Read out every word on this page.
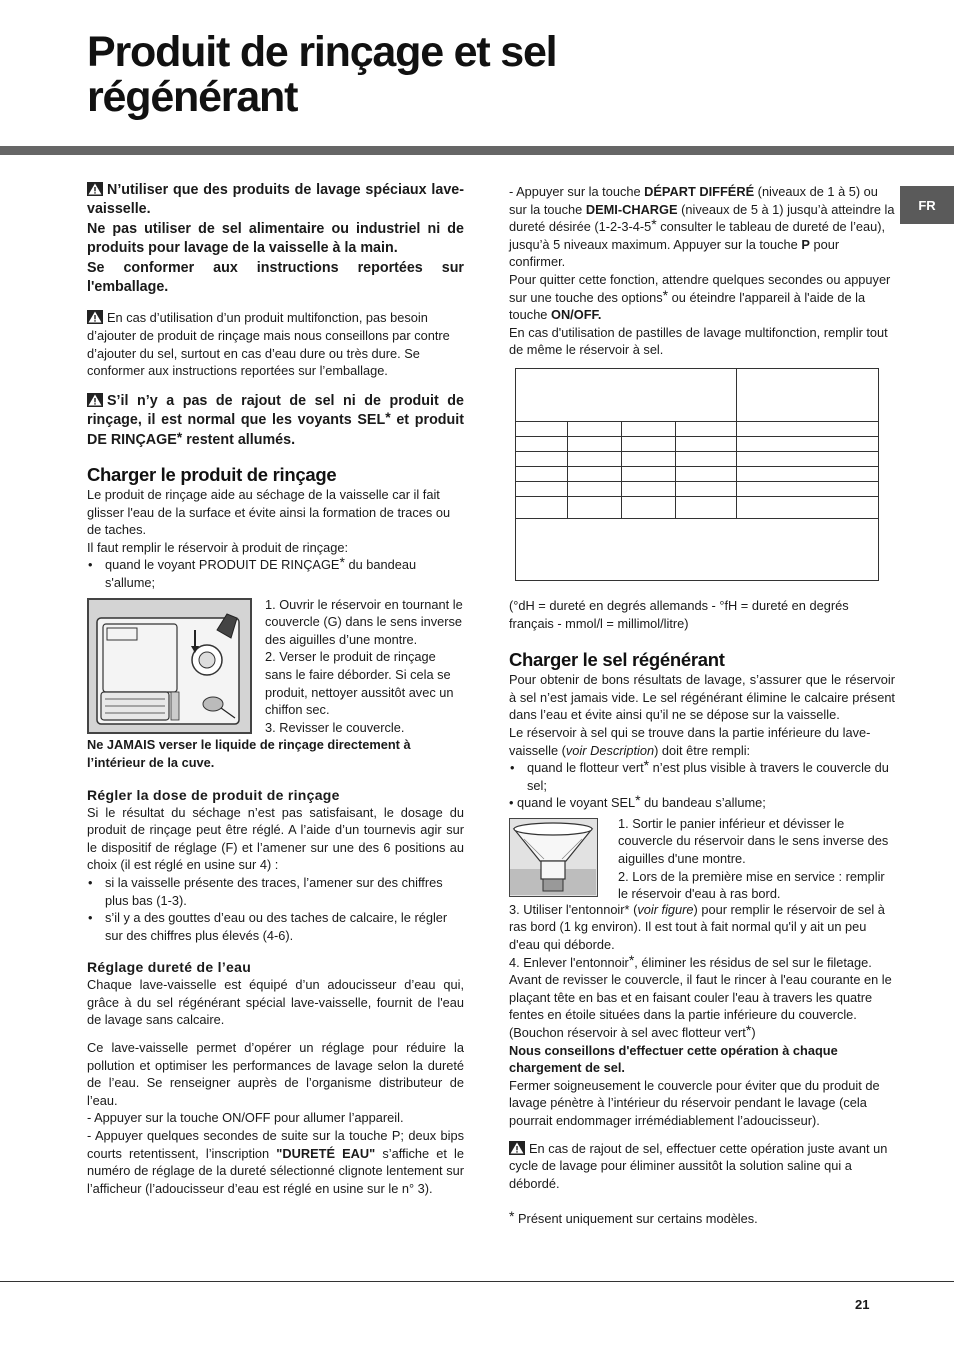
Produit de rinçage et sel
régénérant
FR
N’utiliser que des produits de lavage spéciaux lave-vaisselle.
Ne pas utiliser de sel alimentaire ou industriel ni de produits pour lavage de la vaisselle à la main.
Se conformer aux instructions reportées sur l'emballage.

En cas d’utilisation d’un produit multifonction, pas besoin d’ajouter de produit de rinçage mais nous conseillons par contre d’ajouter du sel, surtout en cas d’eau dure ou très dure. Se conformer aux instructions reportées sur l’emballage.

S’il n’y a pas de rajout de sel ni de produit de rinçage, il est normal que les voyants SEL* et produit DE RINÇAGE* restent allumés.
Charger le produit de rinçage

Le produit de rinçage aide au séchage de la vaisselle car il fait glisser l'eau de la surface et évite ainsi la formation de traces ou de taches.

Il faut remplir le réservoir à produit de rinçage:

• quand le voyant PRODUIT DE RINÇAGE* du bandeau s'allume;

1. Ouvrir le réservoir en tournant le couvercle (G) dans le sens inverse des aiguilles d’une montre.

2. Verser le produit de rinçage sans le faire déborder. Si cela se produit, nettoyer aussitôt avec un chiffon sec.

3. Revisser le couvercle.

Ne JAMAIS verser le liquide de rinçage directement à l’intérieur de la cuve.

Régler la dose de produit de rinçage

Si le résultat du séchage n’est pas satisfaisant, le dosage du produit de rinçage peut être réglé. A l’aide d’un tournevis agir sur le dispositif de réglage (F) et l’amener sur une des 6 positions au choix (il est réglé en usine sur 4) :

• si la vaisselle présente des traces, l’amener sur des chiffres plus bas (1-3).
• s’il y a des gouttes d’eau ou des taches de calcaire, le régler sur des chiffres plus élevés (4-6).
Réglage dureté de l’eau

Chaque lave-vaisselle est équipé d’un adoucisseur d’eau qui, grâce à du sel régénérant spécial lave-vaisselle, fournit de l'eau de lavage sans calcaire.

Ce lave-vaisselle permet d’opérer un réglage pour réduire la pollution et optimiser les performances de lavage selon la dureté de l’eau. Se renseigner auprès de l’organisme distributeur de l’eau.

- Appuyer sur la touche ON/OFF pour allumer l’appareil.

- Appuyer quelques secondes de suite sur la touche P; deux bips courts retentissent, l’inscription "DURETÉ EAU" s’affiche et le numéro de réglage de la dureté sélectionné clignote lentement sur l’afficheur (l’adoucisseur d’eau est réglé en usine sur le n° 3).

- Appuyer sur la touche DÉPART DIFFÉRÉ (niveaux de 1 à 5) ou sur la touche DEMI-CHARGE (niveaux de 5 à 1) jusqu’à atteindre la dureté désirée (1-2-3-4-5* consulter le tableau de dureté de l’eau), jusqu’à 5 niveaux maximum. Appuyer sur la touche P pour confirmer.

Pour quitter cette fonction, attendre quelques secondes ou appuyer sur une touche des options* ou éteindre l'appareil à l'aide de la touche ON/OFF.

En cas d'utilisation de pastilles de lavage multifonction, remplir tout de même le réservoir à sel.

(°dH = dureté en degrés allemands - °fH = dureté en degrés français - mmol/l = millimol/litre)

Charger le sel régénérant

Pour obtenir de bons résultats de lavage, s’assurer que le réservoir à sel n’est jamais vide. Le sel régénérant élimine le calcaire présent dans l’eau et évite ainsi qu’il ne se dépose sur la vaisselle.

Le réservoir à sel qui se trouve dans la partie inférieure du lave-vaisselle (voir Description) doit être rempli:

• quand le flotteur vert* n’est plus visible à travers le couvercle du sel;

• quand le voyant SEL* du bandeau s’allume;

1. Sortir le panier inférieur et dévisser le couvercle du réservoir dans le sens inverse des aiguilles d'une montre.

2. Lors de la première mise en service : remplir le réservoir d'eau à ras bord.

3. Utiliser l'entonnoir* (voir figure) pour remplir le réservoir de sel à ras bord (1 kg environ). Il est tout à fait normal qu'il y ait un peu d'eau qui déborde.

4. Enlever l'entonnoir*, éliminer les résidus de sel sur le filetage. Avant de revisser le couvercle, il faut le rincer à l'eau courante en le plaçant tête en bas et en faisant couler l'eau à travers les quatre fentes en étoile situées dans la partie inférieure du couvercle. (Bouchon réservoir à sel avec flotteur vert*)

Nous conseillons d'effectuer cette opération à chaque chargement de sel.

Fermer soigneusement le couvercle pour éviter que du produit de lavage pénètre à l’intérieur du réservoir pendant le lavage (cela pourrait endommager irrémédiablement l’adoucisseur).

En cas de rajout de sel, effectuer cette opération juste avant un cycle de lavage pour éliminer aussitôt la solution saline qui a débordé.

* Présent uniquement sur certains modèles.

21
